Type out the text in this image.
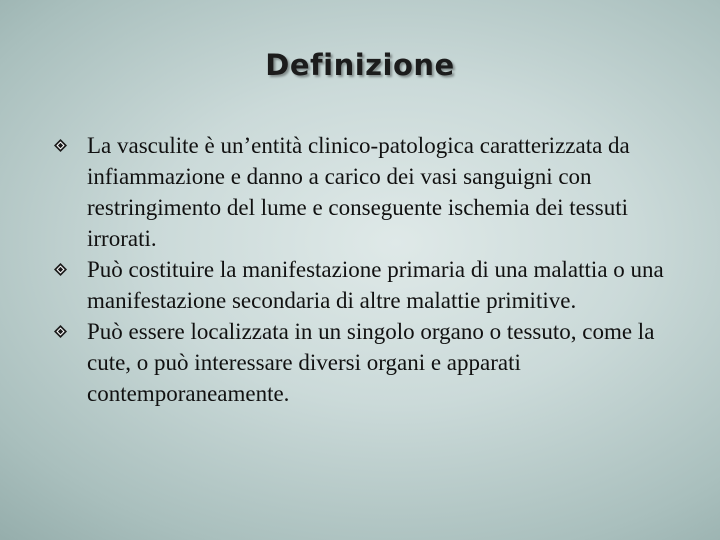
Definizione
La vasculite è un’entità clinico-patologica caratterizzata da infiammazione e danno a carico dei vasi sanguigni con restringimento del lume e conseguente ischemia dei tessuti irrorati.
Può costituire la manifestazione primaria di una malattia o una manifestazione secondaria di altre malattie primitive.
Può essere localizzata in un singolo organo o tessuto, come la cute, o può interessare diversi organi e apparati contemporaneamente.
